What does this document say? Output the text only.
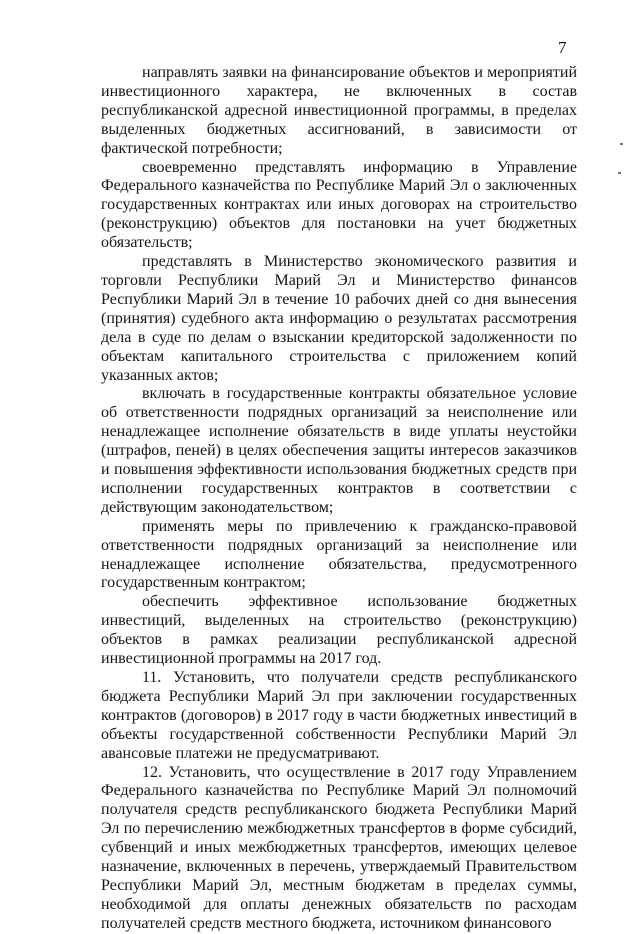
7

направлять заявки на финансирование объектов и мероприятий инвестиционного характера, не включенных в состав республиканской адресной инвестиционной программы, в пределах выделенных бюджетных ассигнований, в зависимости от фактической потребности;

своевременно представлять информацию в Управление Федерального казначейства по Республике Марий Эл о заключенных государственных контрактах или иных договорах на строительство (реконструкцию) объектов для постановки на учет бюджетных обязательств;

представлять в Министерство экономического развития и торговли Республики Марий Эл и Министерство финансов Республики Марий Эл в течение 10 рабочих дней со дня вынесения (принятия) судебного акта информацию о результатах рассмотрения дела в суде по делам о взыскании кредиторской задолженности по объектам капитального строительства с приложением копий указанных актов;

включать в государственные контракты обязательное условие об ответственности подрядных организаций за неисполнение или ненадлежащее исполнение обязательств в виде уплаты неустойки (штрафов, пеней) в целях обеспечения защиты интересов заказчиков и повышения эффективности использования бюджетных средств при исполнении государственных контрактов в соответствии с действующим законодательством;

применять меры по привлечению к гражданско-правовой ответственности подрядных организаций за неисполнение или ненадлежащее исполнение обязательства, предусмотренного государственным контрактом;

обеспечить эффективное использование бюджетных инвестиций, выделенных на строительство (реконструкцию) объектов в рамках реализации республиканской адресной инвестиционной программы на 2017 год.

11. Установить, что получатели средств республиканского бюджета Республики Марий Эл при заключении государственных контрактов (договоров) в 2017 году в части бюджетных инвестиций в объекты государственной собственности Республики Марий Эл авансовые платежи не предусматривают.

12. Установить, что осуществление в 2017 году Управлением Федерального казначейства по Республике Марий Эл полномочий получателя средств республиканского бюджета Республики Марий Эл по перечислению межбюджетных трансфертов в форме субсидий, субвенций и иных межбюджетных трансфертов, имеющих целевое назначение, включенных в перечень, утверждаемый Правительством Республики Марий Эл, местным бюджетам в пределах суммы, необходимой для оплаты денежных обязательств по расходам получателей средств местного бюджета, источником финансового
